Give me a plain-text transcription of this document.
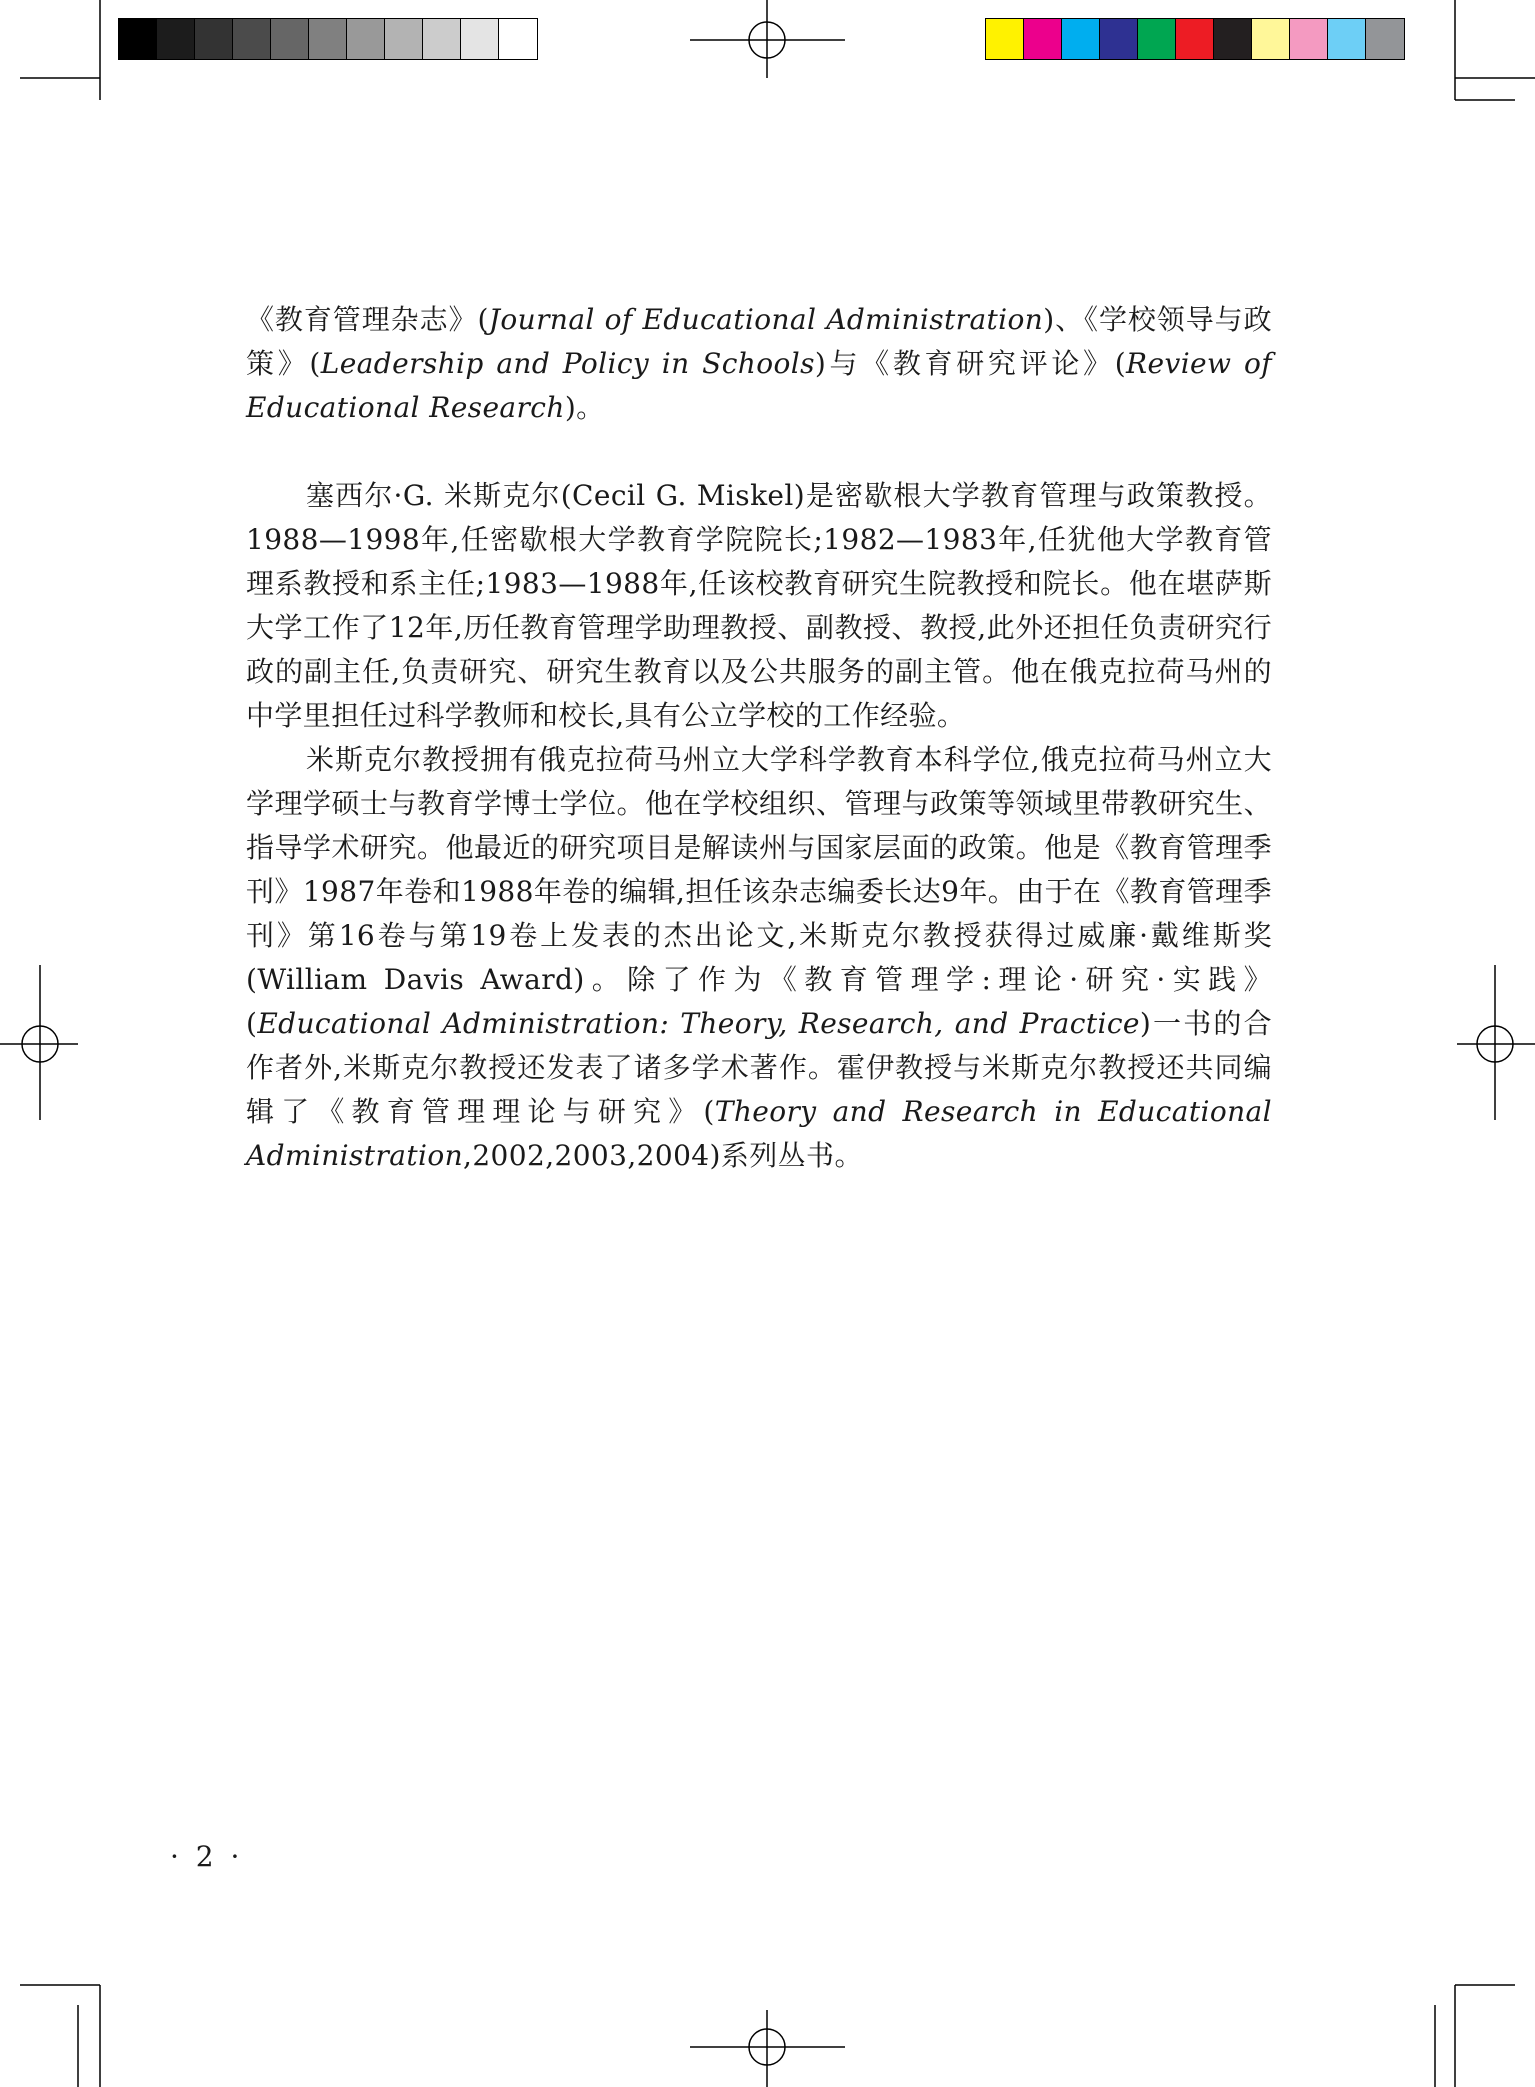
《教育管理杂志》(Journal of Educational Administration)、《学校领导与政策》(Leadership and Policy in Schools)与《教育研究评论》(Review of Educational Research)。

塞西尔·G. 米斯克尔(Cecil G. Miskel)是密歇根大学教育管理与政策教授。1988—1998年,任密歇根大学教育学院院长;1982—1983年,任犹他大学教育管理系教授和系主任;1983—1988年,任该校教育研究生院教授和院长。他在堪萨斯大学工作了12年,历任教育管理学助理教授、副教授、教授,此外还担任负责研究行政的副主任,负责研究、研究生教育以及公共服务的副主管。他在俄克拉荷马州的中学里担任过科学教师和校长,具有公立学校的工作经验。

米斯克尔教授拥有俄克拉荷马州立大学科学教育本科学位,俄克拉荷马州立大学理学硕士与教育学博士学位。他在学校组织、管理与政策等领域里带教研究生、指导学术研究。他最近的研究项目是解读州与国家层面的政策。他是《教育管理季刊》1987年卷和1988年卷的编辑,担任该杂志编委长达9年。由于在《教育管理季刊》第16卷与第19卷上发表的杰出论文,米斯克尔教授获得过威廉·戴维斯奖(William Davis Award)。除了作为《教育管理学:理论·研究·实践》(Educational Administration: Theory, Research, and Practice)一书的合作者外,米斯克尔教授还发表了诸多学术著作。霍伊教授与米斯克尔教授还共同编辑了《教育管理理论与研究》(Theory and Research in Educational Administration,2002,2003,2004)系列丛书。

· 2 ·
